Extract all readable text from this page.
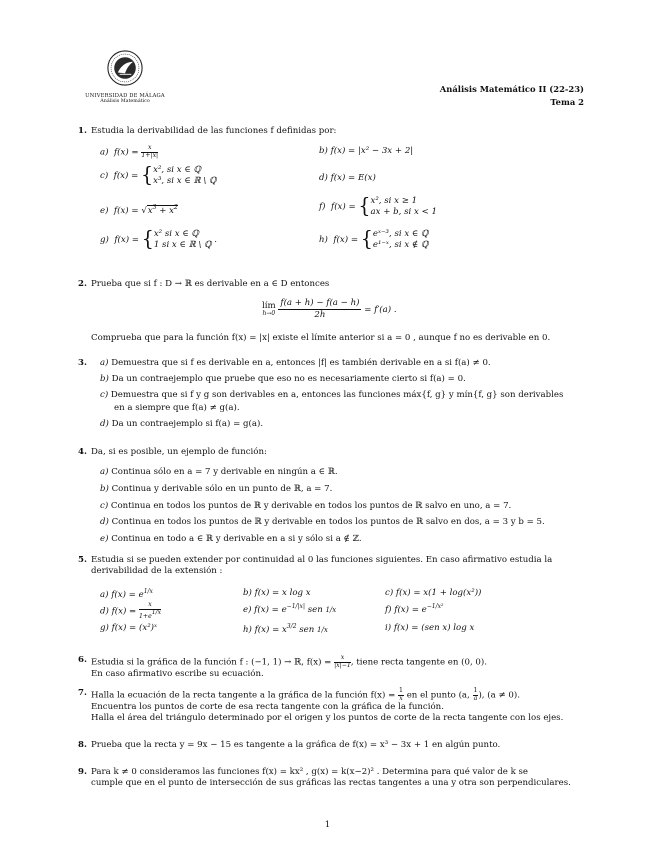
UNIVERSIDAD DE MÁLAGA
Análisis Matemático
Análisis Matemático II (22-23)
Tema 2
1. Estudia la derivabilidad de las funciones f definidas por:
a)  $f(x) = \frac{x}{1+|x|}$	b) f(x) = |x² − 3x + 2|
c)  f(x) = { x², si x ∈ ℚ
x³, si x ∈ ℝ \ ℚ	d) f(x) = E(x)
e)  $f(x) = √x^3 + x^2$	f)  f(x) = { x², si x ≥ 1
ax + b, si x < 1
g)  f(x) = { x² si x ∈ ℚ
1 si x ∈ ℝ \ ℚ .	h)  f(x) = { eˣ⁻³, si x ∈ ℚ
e¹⁻ˣ, si x ∉ ℚ
2. Prueba que si f : D → ℝ es derivable en a ∈ D entonces
lím
h→0
$\frac{f(a + h) - f(a - h)}{2h} = f'(a)$ .
Comprueba que para la función f(x) = |x| existe el límite anterior si a = 0 , aunque f no es derivable en 0.
3. a) Demuestra que si f es derivable en a, entonces |f| es también derivable en a si f(a) ≠ 0.
b) Da un contraejemplo que pruebe que eso no es necesariamente cierto si f(a) = 0.
c) Demuestra que si f y g son derivables en a, entonces las funciones máx{f, g} y mín{f, g} son derivables
en a siempre que f(a) ≠ g(a).
d) Da un contraejemplo si f(a) = g(a).
4. Da, si es posible, un ejemplo de función:
a) Continua sólo en a = 7 y derivable en ningún a ∈ ℝ.
b) Continua y derivable sólo en un punto de ℝ, a = 7.
c) Continua en todos los puntos de ℝ y derivable en todos los puntos de ℝ salvo en uno, a = 7.
d) Continua en todos los puntos de ℝ y derivable en todos los puntos de ℝ salvo en dos, a = 3 y b = 5.
e) Continua en todo a ∈ ℝ y derivable en a si y sólo si a ∉ ℤ.
5. Estudia si se pueden extender por continuidad al 0 las funciones siguientes. En caso afirmativo estudia la
derivabilidad de la extensión :
a) $f(x) = e^{1/x}$	b) f(x) = x log x	c) f(x) = x(1 + log(x²))
d) $f(x) = \frac{x}{1+e^{1/x}}$	e) $f(x) = e^{-1/|x|}$ sen 1/x	f) $f(x) = e^{-1/x^2}$
g) f(x) = (x²)ˣ	h) $f(x) = x^{3/2}$ sen 1/x	i) f(x) = (sen x) log x
6. Estudia si la gráfica de la función f : (−1, 1) → ℝ, $f(x) = \frac{x}{|x|-1}$ , tiene recta tangente en (0, 0).
En caso afirmativo escribe su ecuación.
7. Halla la ecuación de la recta tangente a la gráfica de la función $f(x) = \frac{1}{x}$ en el punto (a, $\frac{1}{a}$ ), (a ≠ 0).
Encuentra los puntos de corte de esa recta tangente con la gráfica de la función.
Halla el área del triángulo determinado por el origen y los puntos de corte de la recta tangente con los ejes.
8. Prueba que la recta y = 9x − 15 es tangente a la gráfica de f(x) = x³ − 3x + 1 en algún punto.
9. Para k ≠ 0 consideramos las funciones f(x) = kx² , g(x) = k(x−2)² . Determina para qué valor de k se
cumple que en el punto de intersección de sus gráficas las rectas tangentes a una y otra son perpendiculares.
1
